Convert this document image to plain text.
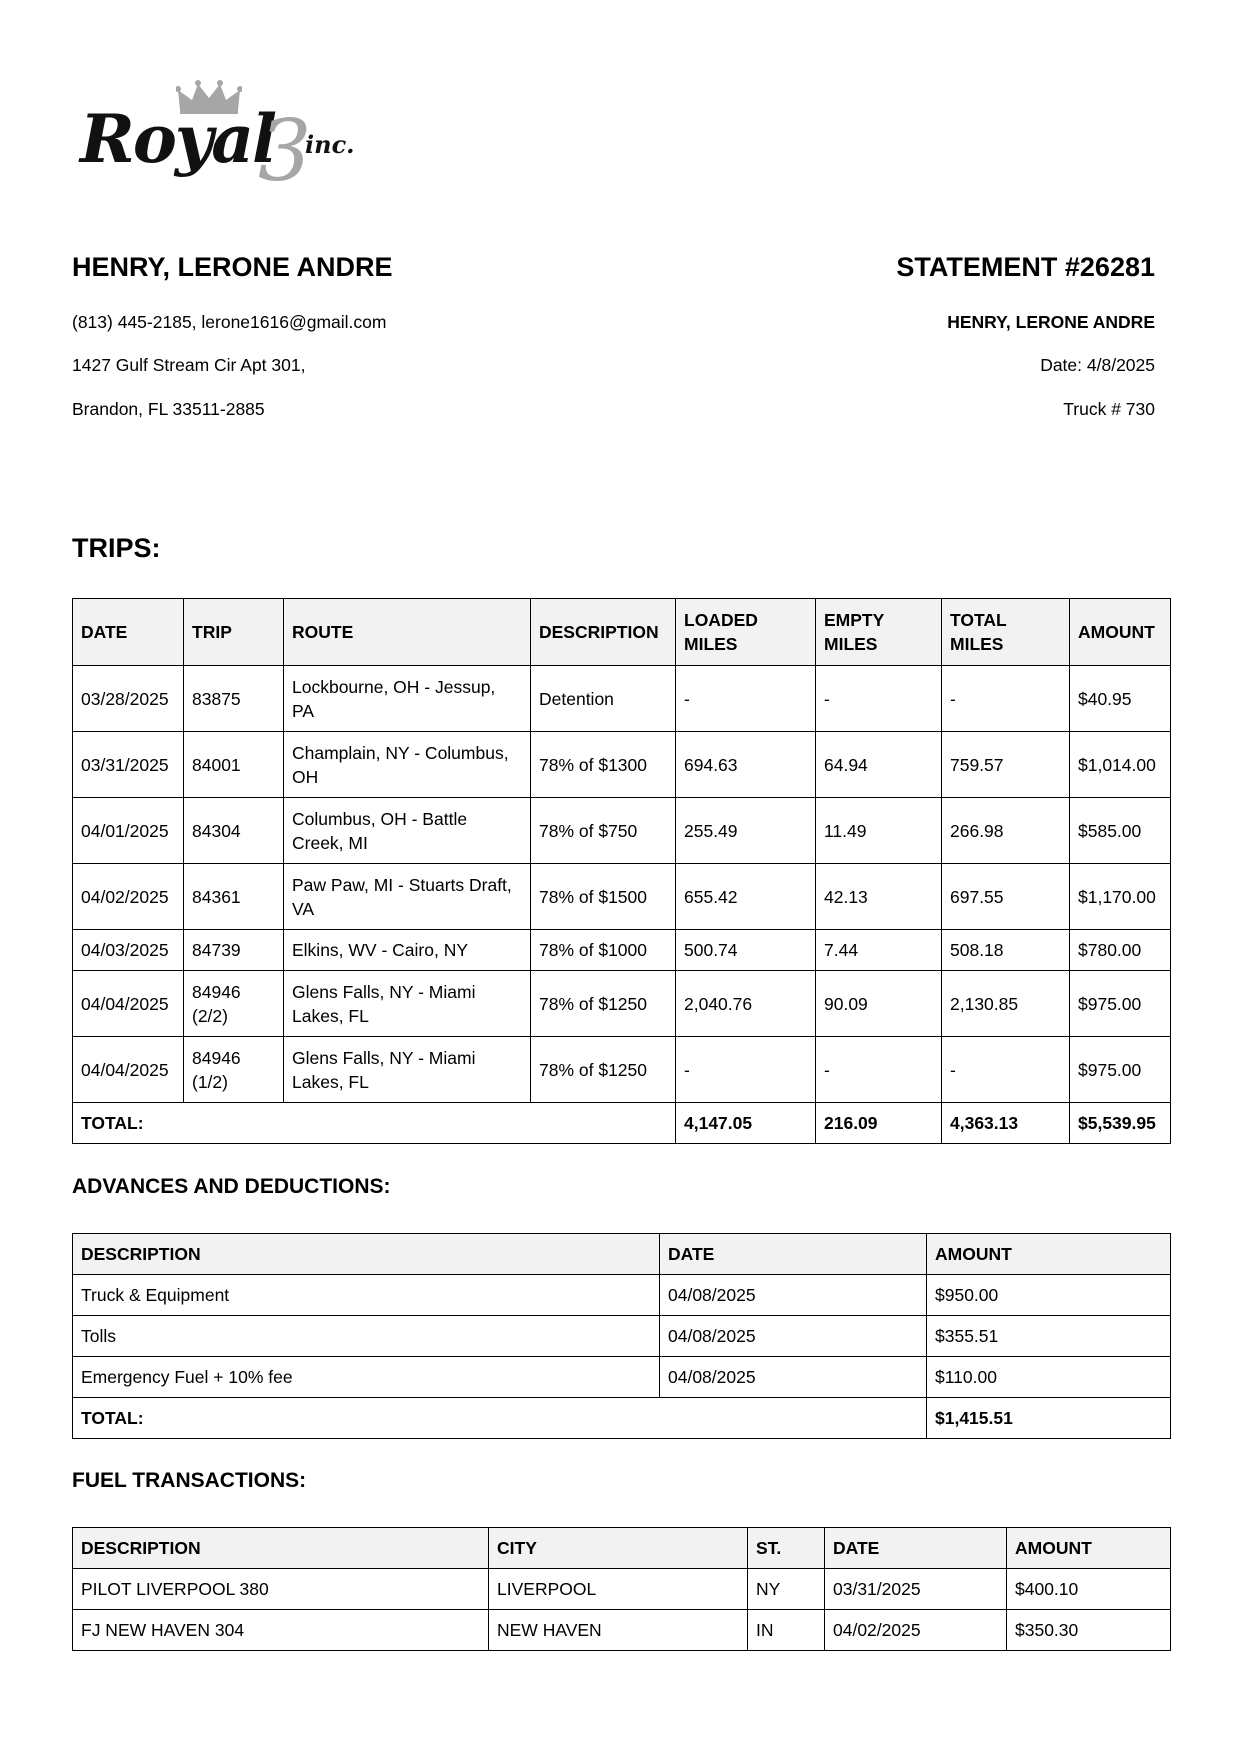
Royal
3
inc.
HENRY, LERONE ANDRE
(813) 445-2185, lerone1616@gmail.com
1427 Gulf Stream Cir Apt 301,
Brandon, FL 33511-2885
STATEMENT #26281
HENRY, LERONE ANDRE
Date: 4/8/2025
Truck # 730
TRIPS:
DATE	TRIP	ROUTE	DESCRIPTION	LOADED MILES	EMPTY MILES	TOTAL MILES	AMOUNT
03/28/2025	83875	Lockbourne, OH - Jessup, PA	Detention	-	-	-	$40.95
03/31/2025	84001	Champlain, NY - Columbus, OH	78% of $1300	694.63	64.94	759.57	$1,014.00
04/01/2025	84304	Columbus, OH - Battle Creek, MI	78% of $750	255.49	11.49	266.98	$585.00
04/02/2025	84361	Paw Paw, MI - Stuarts Draft, VA	78% of $1500	655.42	42.13	697.55	$1,170.00
04/03/2025	84739	Elkins, WV - Cairo, NY	78% of $1000	500.74	7.44	508.18	$780.00
04/04/2025	84946 (2/2)	Glens Falls, NY - Miami Lakes, FL	78% of $1250	2,040.76	90.09	2,130.85	$975.00
04/04/2025	84946 (1/2)	Glens Falls, NY - Miami Lakes, FL	78% of $1250	-	-	-	$975.00
TOTAL:				4,147.05	216.09	4,363.13	$5,539.95
ADVANCES AND DEDUCTIONS:
DESCRIPTION	DATE	AMOUNT
Truck & Equipment	04/08/2025	$950.00
Tolls	04/08/2025	$355.51
Emergency Fuel + 10% fee	04/08/2025	$110.00
TOTAL:		$1,415.51
FUEL TRANSACTIONS:
DESCRIPTION	CITY	ST.	DATE	AMOUNT
PILOT LIVERPOOL 380	LIVERPOOL	NY	03/31/2025	$400.10
FJ NEW HAVEN 304	NEW HAVEN	IN	04/02/2025	$350.30
